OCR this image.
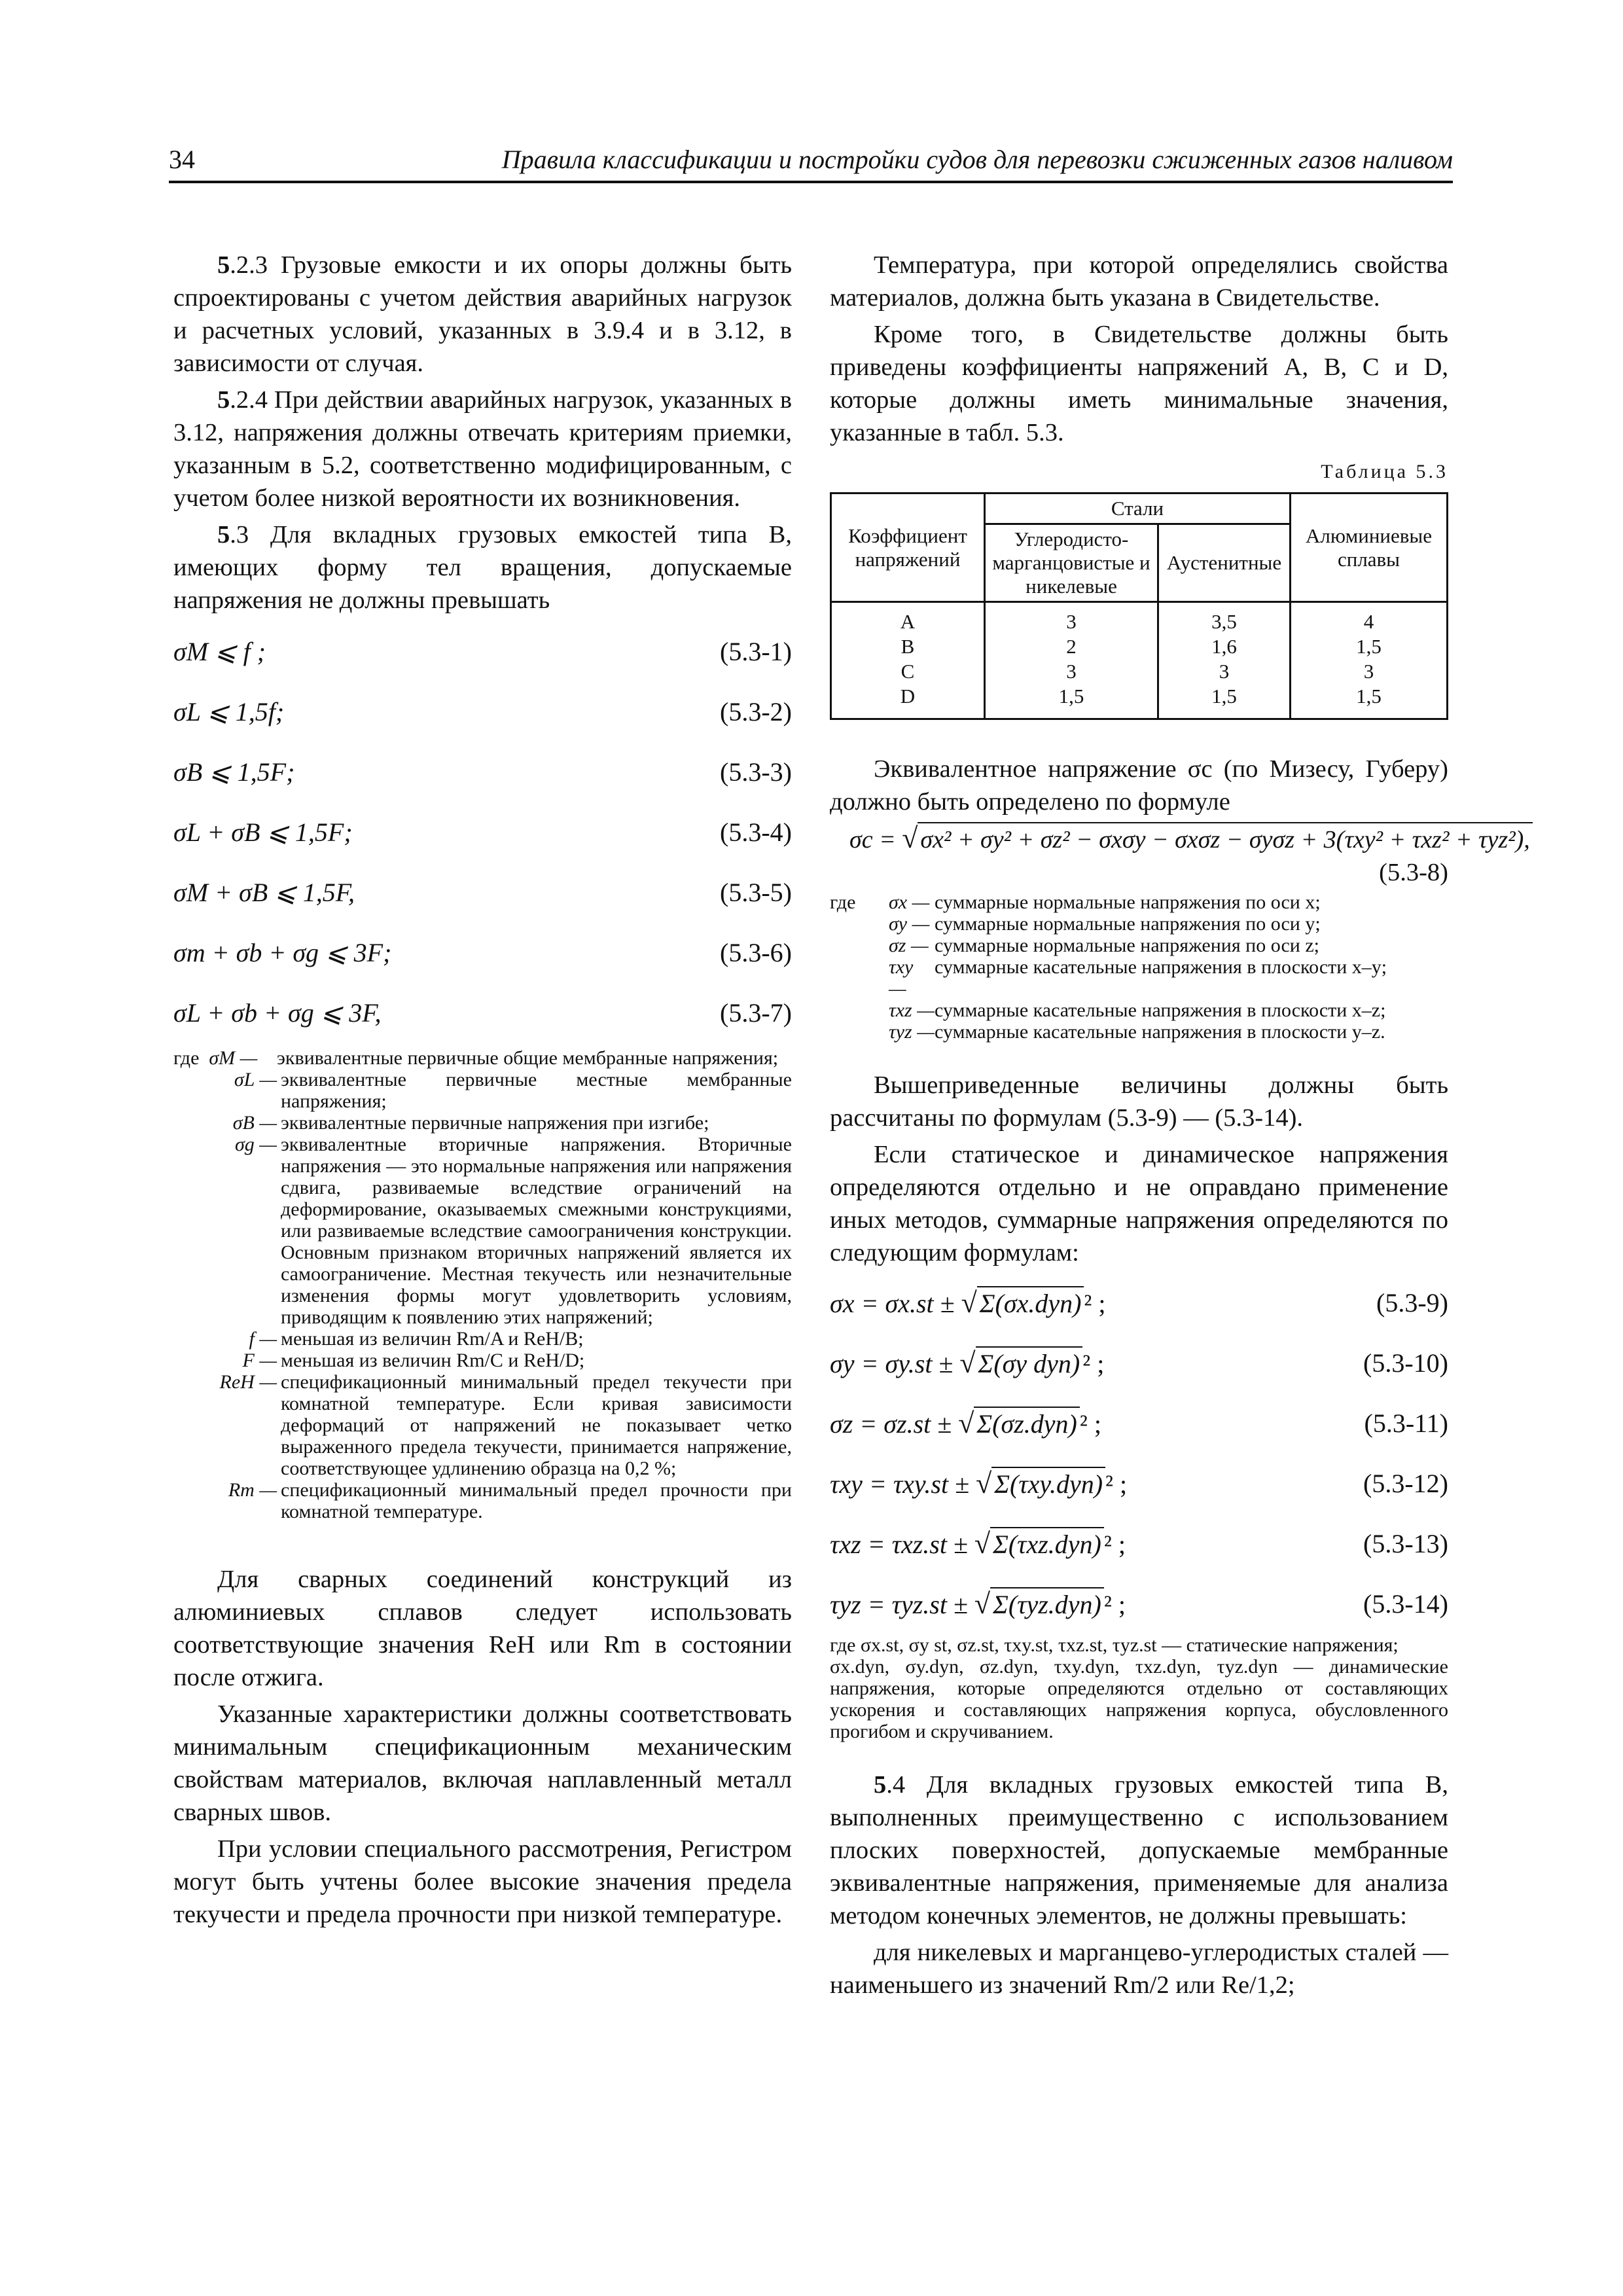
34	Правила классификации и постройки судов для перевозки сжиженных газов наливом

5.2.3 Грузовые емкости и их опоры должны быть спроектированы с учетом действия аварийных нагрузок и расчетных условий, указанных в 3.9.4 и в 3.12, в зависимости от случая.

5.2.4 При действии аварийных нагрузок, указанных в 3.12, напряжения должны отвечать критериям приемки, указанным в 5.2, соответственно модифицированным, с учетом более низкой вероятности их возникновения.

5.3 Для вкладных грузовых емкостей типа B, имеющих форму тел вращения, допускаемые напряжения не должны превышать

σM ⩽ f ;	(5.3-1)
σL ⩽ 1,5f;	(5.3-2)
σB ⩽ 1,5F;	(5.3-3)
σL + σB ⩽ 1,5F;	(5.3-4)
σM + σB ⩽ 1,5F,	(5.3-5)
σm + σb + σg ⩽ 3F;	(5.3-6)
σL + σb + σg ⩽ 3F,	(5.3-7)
где σM — эквивалентные первичные общие мембранные напряжения;
σL — эквивалентные первичные местные мембранные напряжения;
σB — эквивалентные первичные напряжения при изгибе;
σg — эквивалентные вторичные напряжения. Вторичные напряжения — это нормальные напряжения или напряжения сдвига, развиваемые вследствие ограничений на деформирование, оказываемых смежными конструкциями, или развиваемые вследствие самоограничения конструкции. Основным признаком вторичных напряжений является их самоограничение. Местная текучесть или незначительные изменения формы могут удовлетворить условиям, приводящим к появлению этих напряжений;
f — меньшая из величин Rm/A и ReH/B;
F — меньшая из величин Rm/C и ReH/D;
ReH — спецификационный минимальный предел текучести при комнатной температуре. Если кривая зависимости деформаций от напряжений не показывает четко выраженного предела текучести, принимается напряжение, соответствующее удлинению образца на 0,2 %;
Rm — спецификационный минимальный предел прочности при комнатной температуре.

Для сварных соединений конструкций из алюминиевых сплавов следует использовать соответствующие значения ReH или Rm в состоянии после отжига.

Указанные характеристики должны соответствовать минимальным спецификационным механическим свойствам материалов, включая наплавленный металл сварных швов.

При условии специального рассмотрения, Регистром могут быть учтены более высокие значения предела текучести и предела прочности при низкой температуре.

Температура, при которой определялись свойства материалов, должна быть указана в Свидетельстве.

Кроме того, в Свидетельстве должны быть приведены коэффициенты напряжений A, B, C и D, которые должны иметь минимальные значения, указанные в табл. 5.3.

Таблица 5.3
Коэффициент напряжений	Стали		Алюминиевые сплавы
	Углеродисто-марганцовистые и никелевые	Аустенитные	
A	3	3,5	4
B	2	1,6	1,5
C	3	3	3
D	1,5	1,5	1,5

Эквивалентное напряжение σc (по Мизесу, Губеру) должно быть определено по формуле

σc = √ σx² + σy² + σz² − σxσy − σxσz − σyσz + 3(τxy² + τxz² + τyz²),
(5.3-8)
где	σx — суммарные нормальные напряжения по оси x;
σy — суммарные нормальные напряжения по оси y;
σz — суммарные нормальные напряжения по оси z;
τxy —
суммарные касательные напряжения в плоскости x–y;
τxz — суммарные касательные напряжения в плоскости x–z;
τyz — суммарные касательные напряжения в плоскости y–z.

Вышеприведенные величины должны быть рассчитаны по формулам (5.3-9) — (5.3-14).

Если статическое и динамическое напряжения определяются отдельно и не оправдано применение иных методов, суммарные напряжения определяются по следующим формулам:

σx = σx.st ± √ Σ(σx.dyn) ² ;	(5.3-9)
σy = σy.st ± √ Σ(σy dyn) ² ;	(5.3-10)
σz = σz.st ± √ Σ(σz.dyn) ² ;	(5.3-11)
τxy = τxy.st ± √ Σ(τxy.dyn) ² ;	(5.3-12)
τxz = τxz.st ± √ Σ(τxz.dyn) ² ;	(5.3-13)
τyz = τyz.st ± √ Σ(τyz.dyn) ² ;	(5.3-14)
где σx.st, σy st, σz.st, τxy.st, τxz.st, τyz.st — статические напряжения;
σx.dyn, σy.dyn, σz.dyn, τxy.dyn, τxz.dyn, τyz.dyn — динамические напряжения, которые определяются отдельно от составляющих ускорения и составляющих напряжения корпуса, обусловленного прогибом и скручиванием.

5.4 Для вкладных грузовых емкостей типа B, выполненных преимущественно с использованием плоских поверхностей, допускаемые мембранные эквивалентные напряжения, применяемые для анализа методом конечных элементов, не должны превышать:

для никелевых и марганцево-углеродистых сталей — наименьшего из значений Rm/2 или Re/1,2;
